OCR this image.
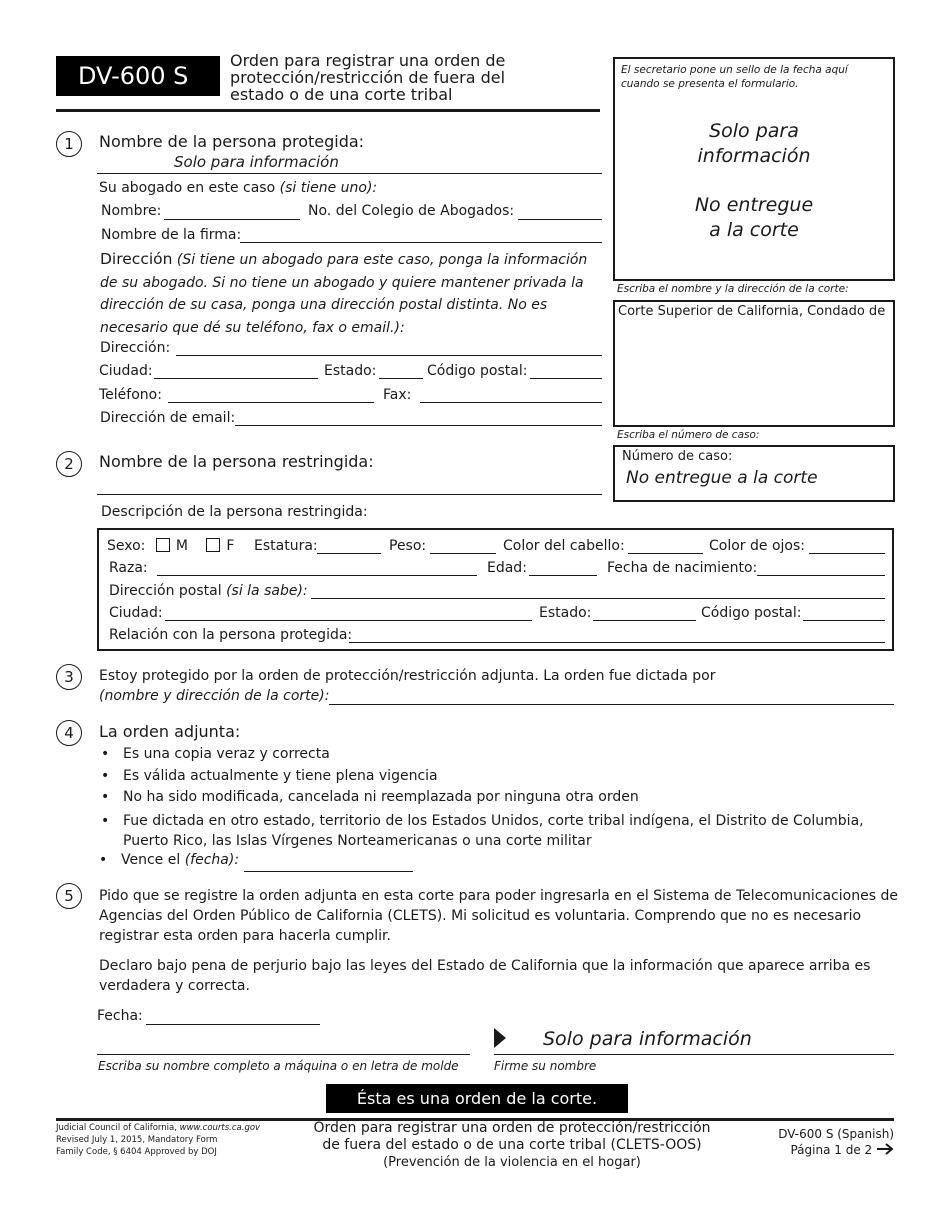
DV-600 S
Orden para registrar una orden de
protección/restricción de fuera del
estado o de una corte tribal
El secretario pone un sello de la fecha aquí
cuando se presenta el formulario.
Solo para
información
No entregue
a la corte
Escriba el nombre y la dirección de la corte:
Corte Superior de California, Condado de
Escriba el número de caso:
Número de caso:
No entregue a la corte
1	Nombre de la persona protegida:
Solo para información
Su abogado en este caso (si tiene uno):
Nombre:	No. del Colegio de Abogados:
Nombre de la firma:
Dirección (Si tiene un abogado para este caso, ponga la información
de su abogado. Si no tiene un abogado y quiere mantener privada la
dirección de su casa, ponga una dirección postal distinta. No es
necesario que dé su teléfono, fax o email.):
Dirección:
Ciudad:	Estado:	Código postal:
Teléfono:	Fax:
Dirección de email:
2	Nombre de la persona restringida:
Descripción de la persona restringida:
Sexo: M	F Estatura:	Peso:	Color del cabello:	Color de ojos:
Raza:	Edad:	Fecha de nacimiento:
Dirección postal (si la sabe):
Ciudad:	Estado:	Código postal:
Relación con la persona protegida:
3	Estoy protegido por la orden de protección/restricción adjunta. La orden fue dictada por
(nombre y dirección de la corte):
4	La orden adjunta:
• Es una copia veraz y correcta
• Es válida actualmente y tiene plena vigencia
• No ha sido modificada, cancelada ni reemplazada por ninguna otra orden
• Fue dictada en otro estado, territorio de los Estados Unidos, corte tribal indígena, el Distrito de Columbia,
Puerto Rico, las Islas Vírgenes Norteamericanas o una corte militar
• Vence el (fecha):
5	Pido que se registre la orden adjunta en esta corte para poder ingresarla en el Sistema de Telecomunicaciones de
Agencias del Orden Público de California (CLETS). Mi solicitud es voluntaria. Comprendo que no es necesario
registrar esta orden para hacerla cumplir.
Declaro bajo pena de perjurio bajo las leyes del Estado de California que la información que aparece arriba es
verdadera y correcta.
Fecha:
Escriba su nombre completo a máquina o en letra de molde
Solo para información
Firme su nombre
Ésta es una orden de la corte.
Judicial Council of California, www.courts.ca.gov
Revised July 1, 2015, Mandatory Form
Family Code, § 6404 Approved by DOJ
Orden para registrar una orden de protección/restricción
de fuera del estado o de una corte tribal (CLETS-OOS)
(Prevención de la violencia en el hogar)
DV-600 S (Spanish)
Página 1 de 2
